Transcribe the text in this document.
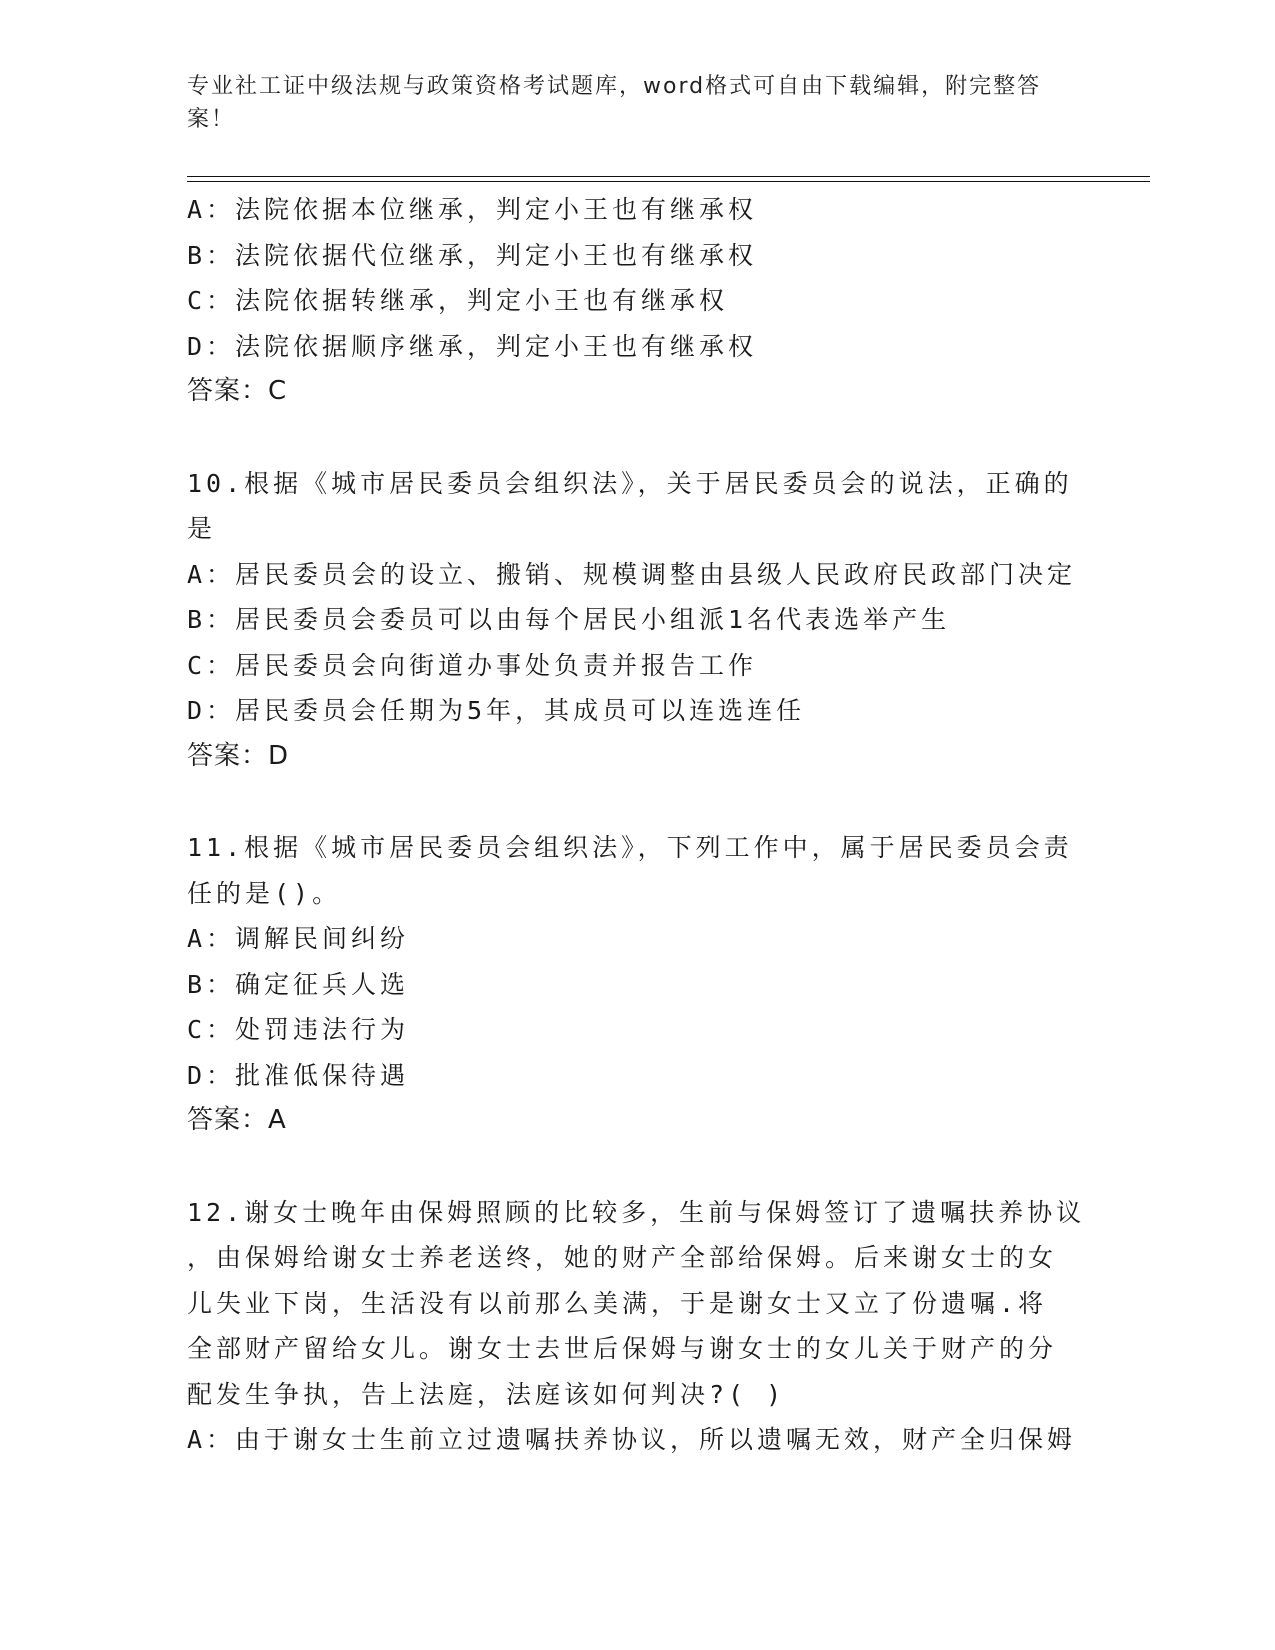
专业社工证中级法规与政策资格考试题库，word格式可自由下载编辑，附完整答
案！
A：法院依据本位继承，判定小王也有继承权
B：法院依据代位继承，判定小王也有继承权
C：法院依据转继承，判定小王也有继承权
D：法院依据顺序继承，判定小王也有继承权
答案：C
10.根据《城市居民委员会组织法》，关于居民委员会的说法，正确的
是
A：居民委员会的设立、搬销、规模调整由县级人民政府民政部门决定
B：居民委员会委员可以由每个居民小组派1名代表选举产生
C：居民委员会向街道办事处负责并报告工作
D：居民委员会任期为5年，其成员可以连选连任
答案：D
11.根据《城市居民委员会组织法》，下列工作中，属于居民委员会责
任的是()。
A：调解民间纠纷
B：确定征兵人选
C：处罚违法行为
D：批准低保待遇
答案：A
12.谢女士晚年由保姆照顾的比较多，生前与保姆签订了遗嘱扶养协议
，由保姆给谢女士养老送终，她的财产全部给保姆。后来谢女士的女
儿失业下岗，生活没有以前那么美满，于是谢女士又立了份遗嘱.将
全部财产留给女儿。谢女士去世后保姆与谢女士的女儿关于财产的分
配发生争执，告上法庭，法庭该如何判决?( )
A：由于谢女士生前立过遗嘱扶养协议，所以遗嘱无效，财产全归保姆
